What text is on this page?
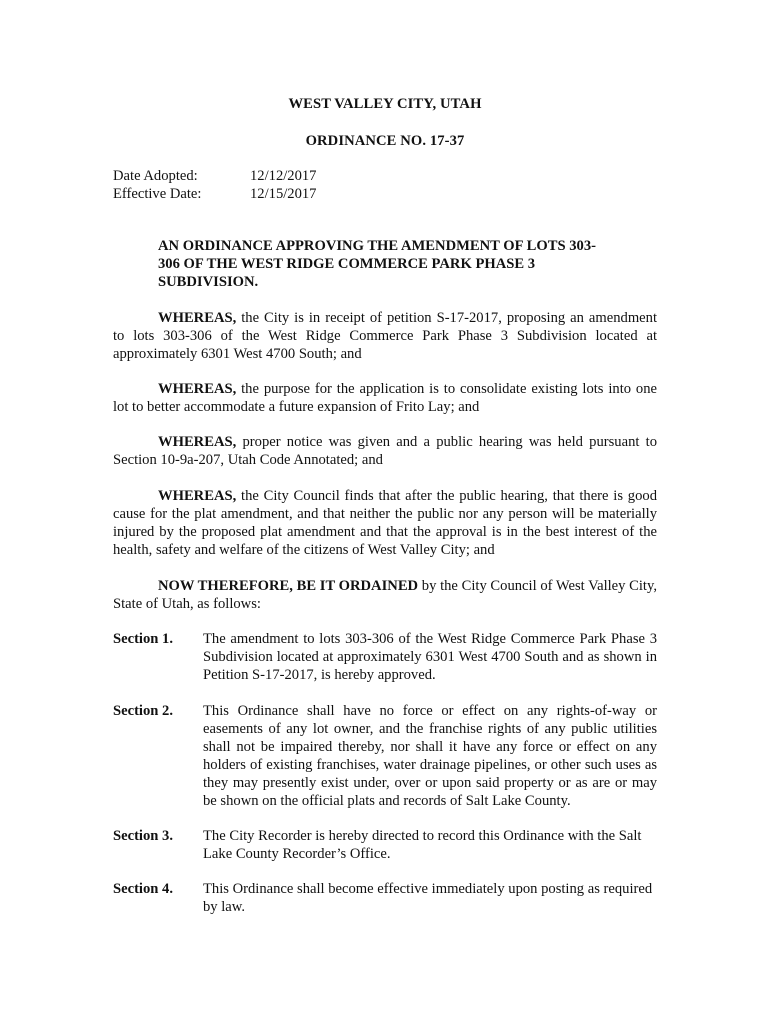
WEST VALLEY CITY, UTAH
ORDINANCE NO. 17-37
Date Adopted:	12/12/2017
Effective Date:	12/15/2017
AN ORDINANCE APPROVING THE AMENDMENT OF LOTS 303-306 OF THE WEST RIDGE COMMERCE PARK PHASE 3 SUBDIVISION.
WHEREAS, the City is in receipt of petition S-17-2017, proposing an amendment to lots 303-306 of the West Ridge Commerce Park Phase 3 Subdivision located at approximately 6301 West 4700 South; and
WHEREAS, the purpose for the application is to consolidate existing lots into one lot to better accommodate a future expansion of Frito Lay; and
WHEREAS, proper notice was given and a public hearing was held pursuant to Section 10-9a-207, Utah Code Annotated; and
WHEREAS, the City Council finds that after the public hearing, that there is good cause for the plat amendment, and that neither the public nor any person will be materially injured by the proposed plat amendment and that the approval is in the best interest of the health, safety and welfare of the citizens of West Valley City; and
NOW THEREFORE, BE IT ORDAINED by the City Council of West Valley City, State of Utah, as follows:
Section 1. The amendment to lots 303-306 of the West Ridge Commerce Park Phase 3 Subdivision located at approximately 6301 West 4700 South and as shown in Petition S-17-2017, is hereby approved.
Section 2. This Ordinance shall have no force or effect on any rights-of-way or easements of any lot owner, and the franchise rights of any public utilities shall not be impaired thereby, nor shall it have any force or effect on any holders of existing franchises, water drainage pipelines, or other such uses as they may presently exist under, over or upon said property or as are or may be shown on the official plats and records of Salt Lake County.
Section 3. The City Recorder is hereby directed to record this Ordinance with the Salt Lake County Recorder’s Office.
Section 4. This Ordinance shall become effective immediately upon posting as required by law.
